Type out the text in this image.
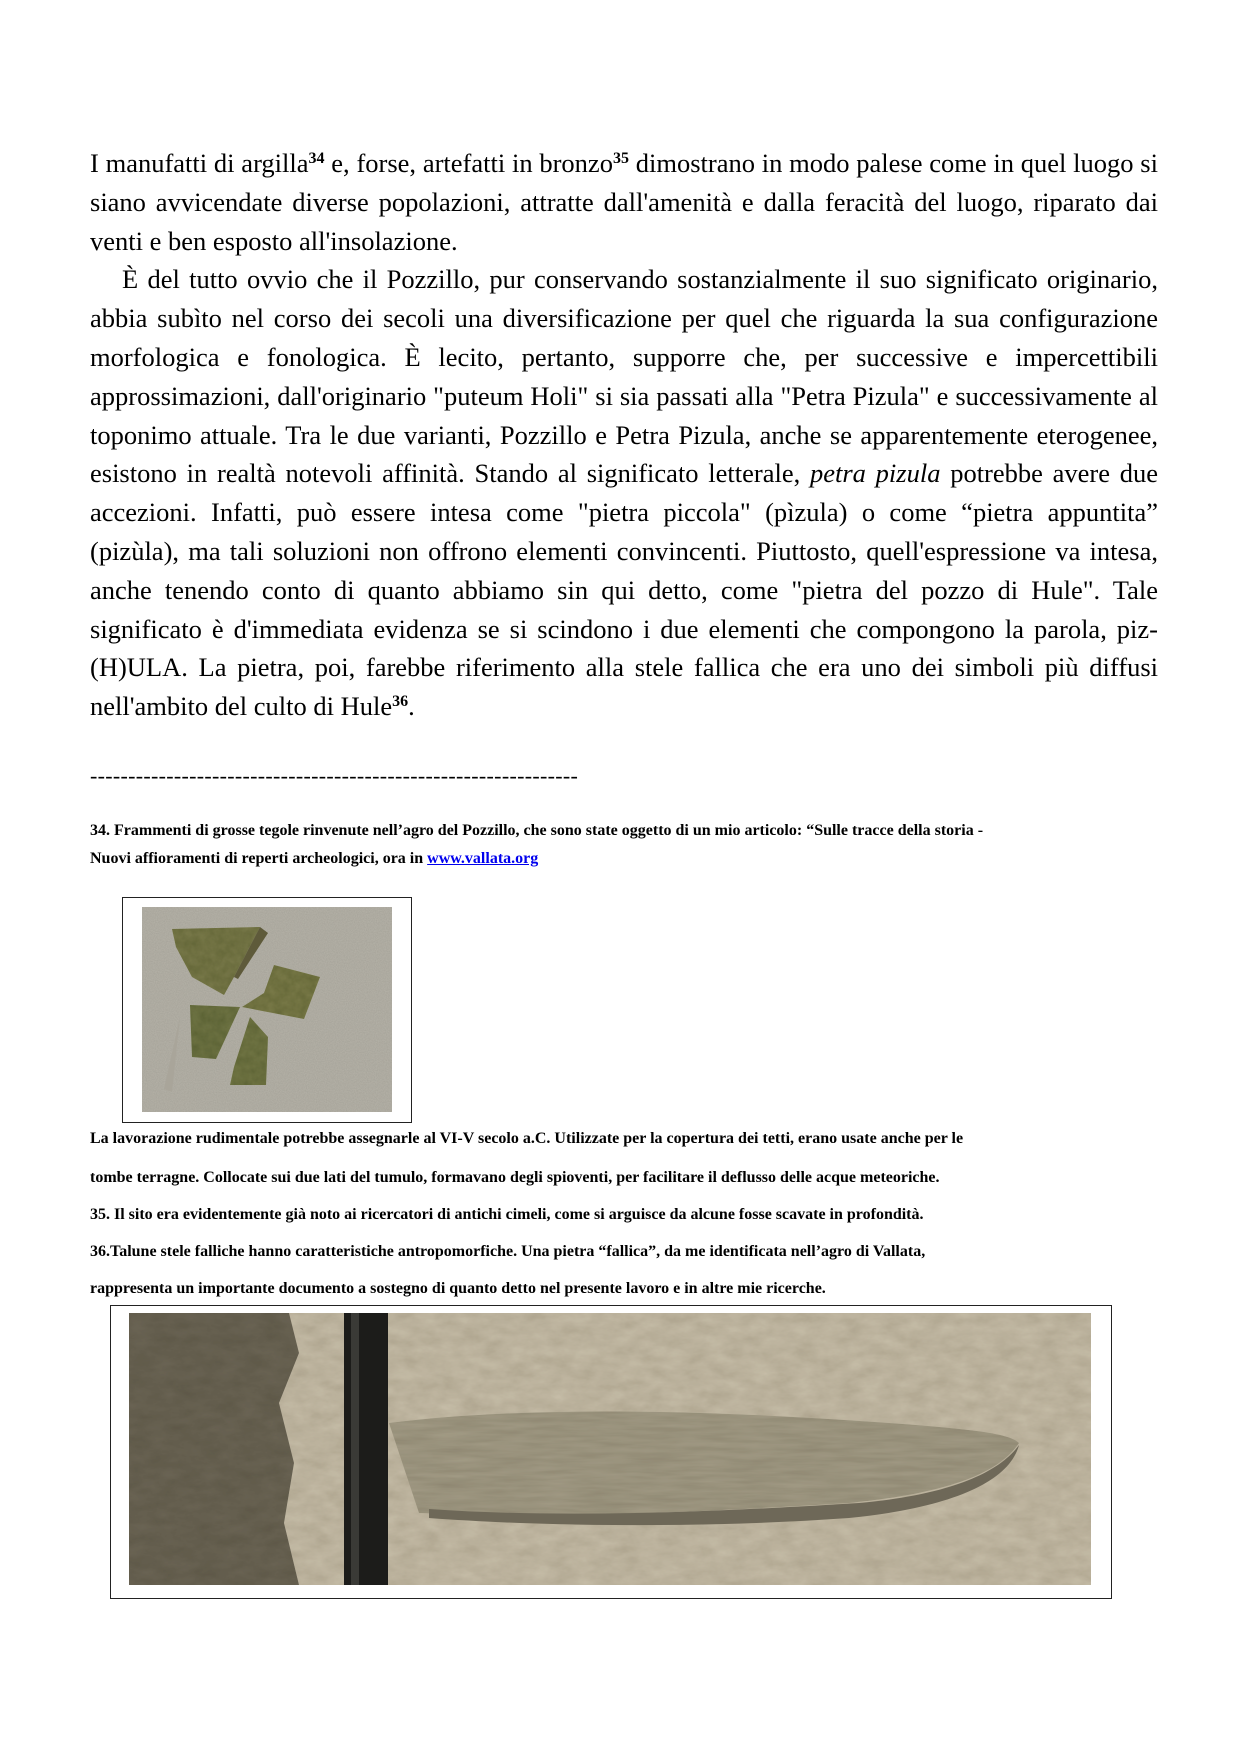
I manufatti di argilla$^{34}$ e, forse, artefatti in bronzo$^{35}$ dimostrano in modo palese come in quel luogo si siano avvicendate diverse popolazioni, attratte dall'amenità e dalla feracità del luogo, riparato dai venti e ben esposto all'insolazione.

È del tutto ovvio che il Pozzillo, pur conservando sostanzialmente il suo significato originario, abbia subìto nel corso dei secoli una diversificazione per quel che riguarda la sua configurazione morfologica e fonologica. È lecito, pertanto, supporre che, per successive e impercettibili approssimazioni, dall'originario "puteum Holi" si sia passati alla "Petra Pizula" e successivamente al toponimo attuale. Tra le due varianti, Pozzillo e Petra Pizula, anche se apparentemente eterogenee, esistono in realtà notevoli affinità. Stando al significato letterale, petra pizula potrebbe avere due accezioni. Infatti, può essere intesa come "pietra piccola" (pìzula) o come “pietra appuntita” (pizùla), ma tali soluzioni non offrono elementi convincenti. Piuttosto, quell'espressione va intesa, anche tenendo conto di quanto abbiamo sin qui detto, come "pietra del pozzo di Hule". Tale significato è d'immediata evidenza se si scindono i due elementi che compongono la parola, piz-(H)ULA. La pietra, poi, farebbe riferimento alla stele fallica che era uno dei simboli più diffusi nell'ambito del culto di Hule$^{36}$.

----------------------------------------------------------------
34. Frammenti di grosse tegole rinvenute nell’agro del Pozzillo, che sono state oggetto di un mio articolo: “Sulle tracce della storia -
Nuovi affioramenti di reperti archeologici, ora in www.vallata.org
La lavorazione rudimentale potrebbe assegnarle al VI-V secolo a.C. Utilizzate per la copertura dei tetti, erano usate anche per le
tombe terragne. Collocate sui due lati del tumulo, formavano degli spioventi, per facilitare il deflusso delle acque meteoriche.
35. Il sito era evidentemente già noto ai ricercatori di antichi cimeli, come si arguisce da alcune fosse scavate in profondità.
36.Talune stele falliche hanno caratteristiche antropomorfiche. Una pietra “fallica”, da me identificata nell’agro di Vallata,
rappresenta un importante documento a sostegno di quanto detto nel presente lavoro e in altre mie ricerche.
